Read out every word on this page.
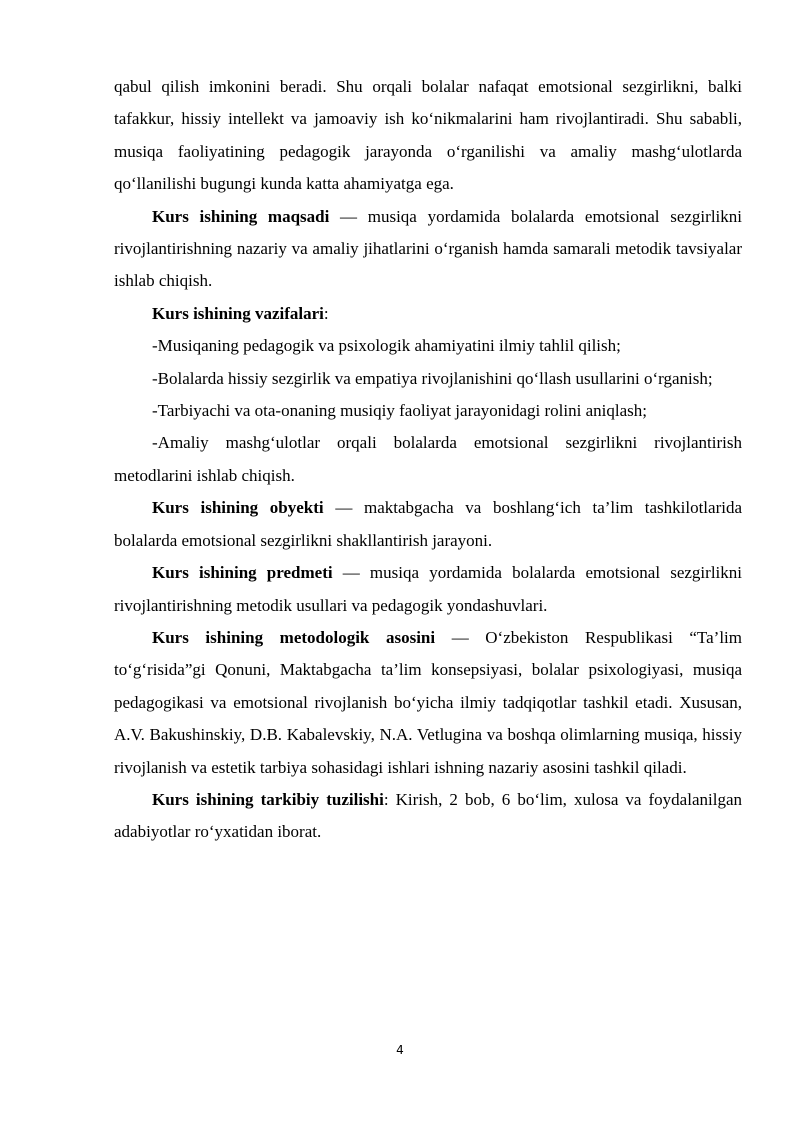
qabul qilish imkonini beradi. Shu orqali bolalar nafaqat emotsional sezgirlikni, balki tafakkur, hissiy intellekt va jamoaviy ish ko‘nikmalarini ham rivojlantiradi. Shu sababli, musiqa faoliyatining pedagogik jarayonda o‘rganilishi va amaliy mashg‘ulotlarda qo‘llanilishi bugungi kunda katta ahamiyatga ega.

Kurs ishining maqsadi — musiqa yordamida bolalarda emotsional sezgirlikni rivojlantirishning nazariy va amaliy jihatlarini o‘rganish hamda samarali metodik tavsiyalar ishlab chiqish.

Kurs ishining vazifalari:

-Musiqaning pedagogik va psixologik ahamiyatini ilmiy tahlil qilish;

-Bolalarda hissiy sezgirlik va empatiya rivojlanishini qo‘llash usullarini o‘rganish;

-Tarbiyachi va ota-onaning musiqiy faoliyat jarayonidagi rolini aniqlash;

-Amaliy mashg‘ulotlar orqali bolalarda emotsional sezgirlikni rivojlantirish metodlarini ishlab chiqish.

Kurs ishining obyekti — maktabgacha va boshlang‘ich ta’lim tashkilotlarida bolalarda emotsional sezgirlikni shakllantirish jarayoni.

Kurs ishining predmeti — musiqa yordamida bolalarda emotsional sezgirlikni rivojlantirishning metodik usullari va pedagogik yondashuvlari.

Kurs ishining metodologik asosini — O‘zbekiston Respublikasi “Ta’lim to‘g‘risida”gi Qonuni, Maktabgacha ta’lim konsepsiyasi, bolalar psixologiyasi, musiqa pedagogikasi va emotsional rivojlanish bo‘yicha ilmiy tadqiqotlar tashkil etadi. Xususan, A.V. Bakushinskiy, D.B. Kabalevskiy, N.A. Vetlugina va boshqa olimlarning musiqa, hissiy rivojlanish va estetik tarbiya sohasidagi ishlari ishning nazariy asosini tashkil qiladi.

Kurs ishining tarkibiy tuzilishi: Kirish, 2 bob, 6 bo‘lim, xulosa va foydalanilgan adabiyotlar ro‘yxatidan iborat.

4
